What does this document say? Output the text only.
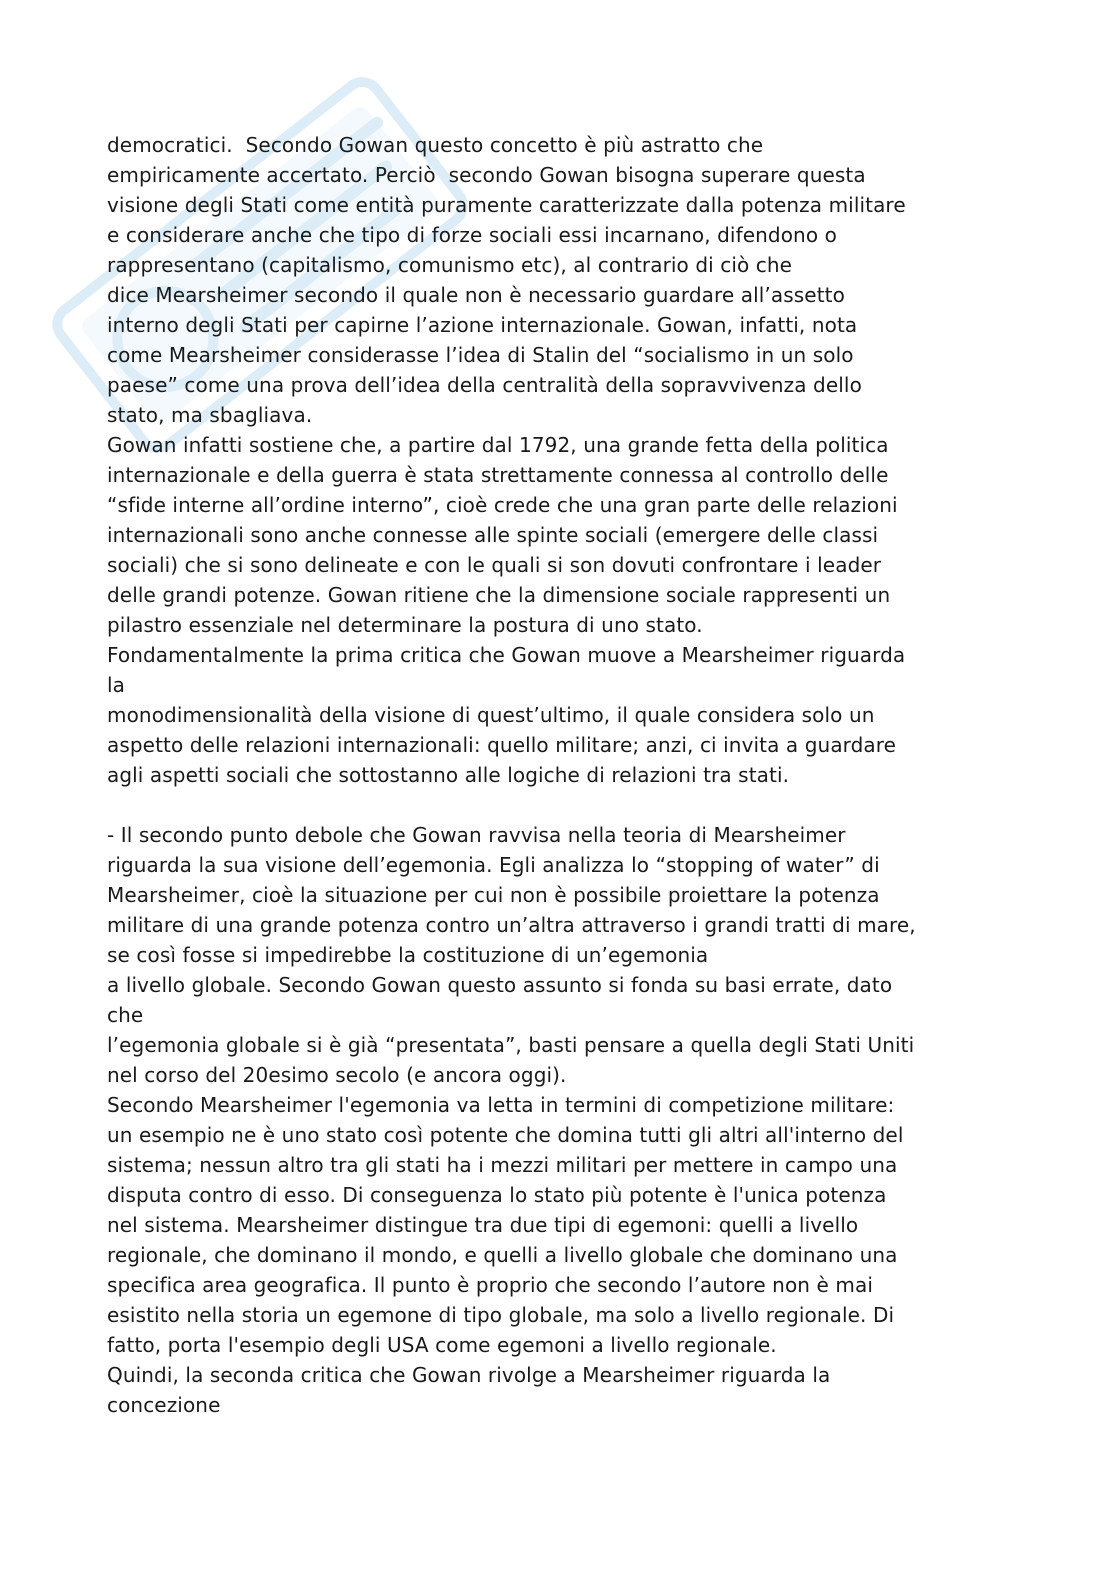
democratici.  Secondo Gowan questo concetto è più astratto che
empiricamente accertato. Perciò  secondo Gowan bisogna superare questa
visione degli Stati come entità puramente caratterizzate dalla potenza militare
e considerare anche che tipo di forze sociali essi incarnano, difendono o
rappresentano (capitalismo, comunismo etc), al contrario di ciò che
dice Mearsheimer secondo il quale non è necessario guardare all’assetto
interno degli Stati per capirne l’azione internazionale. Gowan, infatti, nota
come Mearsheimer considerasse l’idea di Stalin del “socialismo in un solo
paese” come una prova dell’idea della centralità della sopravvivenza dello
stato, ma sbagliava.
Gowan infatti sostiene che, a partire dal 1792, una grande fetta della politica
internazionale e della guerra è stata strettamente connessa al controllo delle
“sfide interne all’ordine interno”, cioè crede che una gran parte delle relazioni
internazionali sono anche connesse alle spinte sociali (emergere delle classi
sociali) che si sono delineate e con le quali si son dovuti confrontare i leader
delle grandi potenze. Gowan ritiene che la dimensione sociale rappresenti un
pilastro essenziale nel determinare la postura di uno stato.
Fondamentalmente la prima critica che Gowan muove a Mearsheimer riguarda
la
monodimensionalità della visione di quest’ultimo, il quale considera solo un
aspetto delle relazioni internazionali: quello militare; anzi, ci invita a guardare
agli aspetti sociali che sottostanno alle logiche di relazioni tra stati.
- Il secondo punto debole che Gowan ravvisa nella teoria di Mearsheimer
riguarda la sua visione dell’egemonia. Egli analizza lo “stopping of water” di
Mearsheimer, cioè la situazione per cui non è possibile proiettare la potenza
militare di una grande potenza contro un’altra attraverso i grandi tratti di mare,
se così fosse si impedirebbe la costituzione di un’egemonia
a livello globale. Secondo Gowan questo assunto si fonda su basi errate, dato
che
l’egemonia globale si è già “presentata”, basti pensare a quella degli Stati Uniti
nel corso del 20esimo secolo (e ancora oggi).
Secondo Mearsheimer l'egemonia va letta in termini di competizione militare:
un esempio ne è uno stato così potente che domina tutti gli altri all'interno del
sistema; nessun altro tra gli stati ha i mezzi militari per mettere in campo una
disputa contro di esso. Di conseguenza lo stato più potente è l'unica potenza
nel sistema. Mearsheimer distingue tra due tipi di egemoni: quelli a livello
regionale, che dominano il mondo, e quelli a livello globale che dominano una
specifica area geografica. Il punto è proprio che secondo l’autore non è mai
esistito nella storia un egemone di tipo globale, ma solo a livello regionale. Di
fatto, porta l'esempio degli USA come egemoni a livello regionale.
Quindi, la seconda critica che Gowan rivolge a Mearsheimer riguarda la
concezione
